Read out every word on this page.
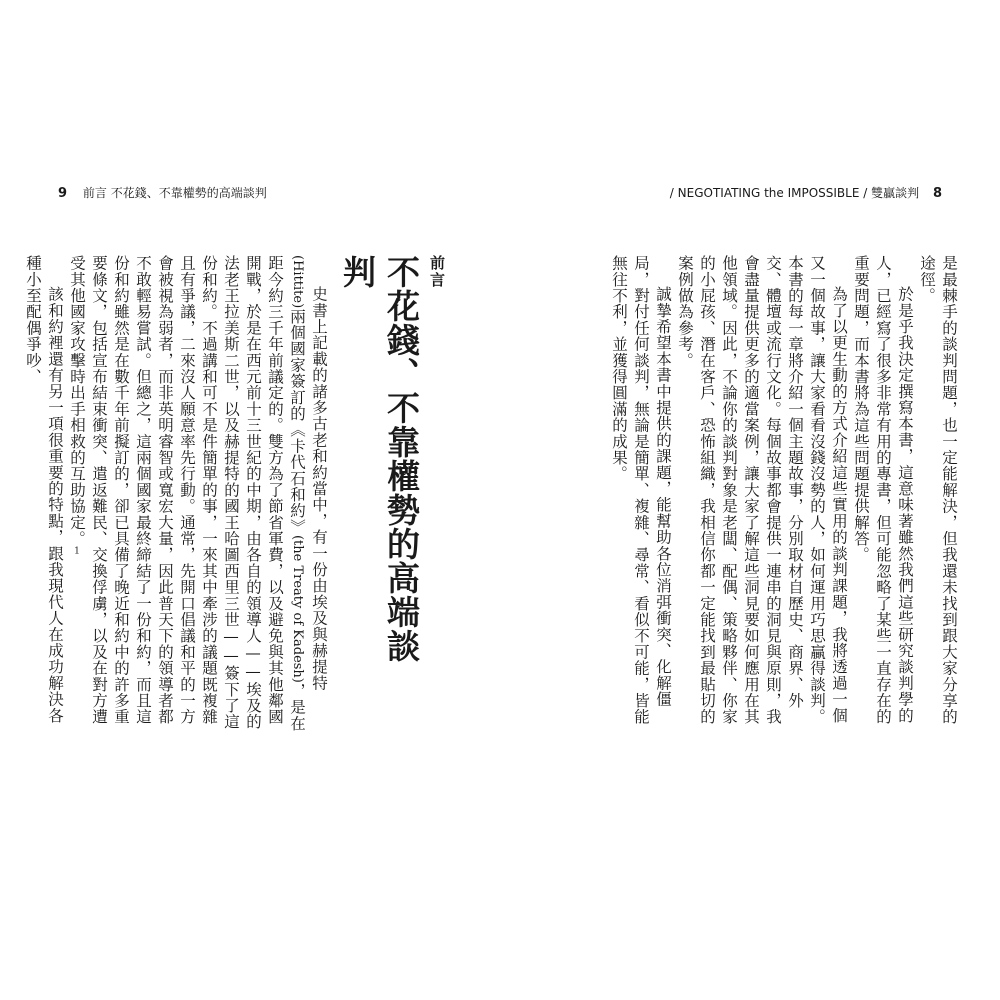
9 前言 不花錢、不靠權勢的高端談判	/ NEGOTIATING the IMPOSSIBLE / 雙贏談判 8
前言
不花錢、不靠權勢的高端談判

史書上記載的諸多古老和約當中，有一份由埃及與赫提特(Hittite)兩個國家簽訂的《卡代石和約》(the Treaty of Kadesh)，是在距今約三千年前議定的。雙方為了節省軍費，以及避免與其他鄰國開戰，於是在西元前十三世紀的中期，由各自的領導人——埃及的法老王拉美斯二世，以及赫提特的國王哈圖西里三世——簽下了這份和約。不過講和可不是件簡單的事，一來其中牽涉的議題既複雜且有爭議，二來沒人願意率先行動。通常，先開口倡議和平的一方會被視為弱者，而非英明睿智或寬宏大量，因此普天下的領導者都不敢輕易嘗試。但總之，這兩個國家最終締結了一份和約，而且這份和約雖然是在數千年前擬訂的，卻已具備了晚近和約中的許多重要條文，包括宣布結束衝突、遣返難民、交換俘虜，以及在對方遭受其他國家攻擊時出手相救的互助協定。1

該和約裡還有另一項很重要的特點，跟我現代人在成功解決各種小至配偶爭吵、	是最棘手的談判問題，也一定能解決，但我還未找到跟大家分享的途徑。

於是乎我決定撰寫本書，這意味著雖然我們這些研究談判學的人，已經寫了很多非常有用的專書，但可能忽略了某些一直存在的重要問題，而本書將為這些問題提供解答。

為了以更生動的方式介紹這些實用的談判課題，我將透過一個又一個故事，讓大家看看沒錢沒勢的人，如何運用巧思贏得談判。本書的每一章將介紹一個主題故事，分別取材自歷史、商界、外交、體壇或流行文化。每個故事都會提供一連串的洞見與原則，我會盡量提供更多的適當案例，讓大家了解這些洞見要如何應用在其他領域。因此，不論你的談判對象是老闆、配偶、策略夥伴、你家的小屁孩、潛在客戶、恐怖組織，我相信你都一定能找到最貼切的案例做為參考。

誠摯希望本書中提供的課題，能幫助各位消弭衝突、化解僵局，對付任何談判，無論是簡單、複雜、尋常、看似不可能，皆能無往不利，並獲得圓滿的成果。
